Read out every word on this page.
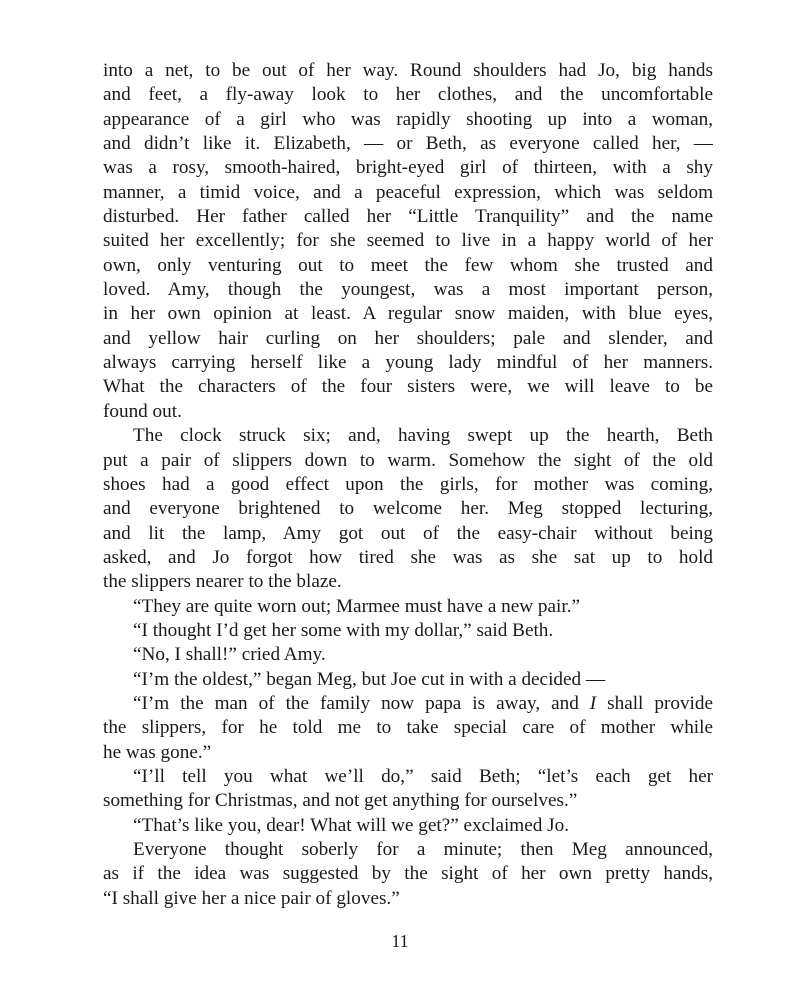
into a net, to be out of her way. Round shoulders had Jo, big hands
and feet, a fly-away look to her clothes, and the uncomfortable
appearance of a girl who was rapidly shooting up into a woman,
and didn’t like it. Elizabeth, — or Beth, as everyone called her, —
was a rosy, smooth-haired, bright-eyed girl of thirteen, with a shy
manner, a timid voice, and a peaceful expression, which was seldom
disturbed. Her father called her “Little Tranquility” and the name
suited her excellently; for she seemed to live in a happy world of her
own, only venturing out to meet the few whom she trusted and
loved. Amy, though the youngest, was a most important person,
in her own opinion at least. A regular snow maiden, with blue eyes,
and yellow hair curling on her shoulders; pale and slender, and
always carrying herself like a young lady mindful of her manners.
What the characters of the four sisters were, we will leave to be
found out.
The clock struck six; and, having swept up the hearth, Beth
put a pair of slippers down to warm. Somehow the sight of the old
shoes had a good effect upon the girls, for mother was coming,
and everyone brightened to welcome her. Meg stopped lecturing,
and lit the lamp, Amy got out of the easy-chair without being
asked, and Jo forgot how tired she was as she sat up to hold
the slippers nearer to the blaze.
“They are quite worn out; Marmee must have a new pair.”
“I thought I’d get her some with my dollar,” said Beth.
“No, I shall!” cried Amy.
“I’m the oldest,” began Meg, but Joe cut in with a decided —
“I’m the man of the family now papa is away, and I shall provide
the slippers, for he told me to take special care of mother while
he was gone.”
“I’ll tell you what we’ll do,” said Beth; “let’s each get her
something for Christmas, and not get anything for ourselves.”
“That’s like you, dear! What will we get?” exclaimed Jo.
Everyone thought soberly for a minute; then Meg announced,
as if the idea was suggested by the sight of her own pretty hands,
“I shall give her a nice pair of gloves.”
11
